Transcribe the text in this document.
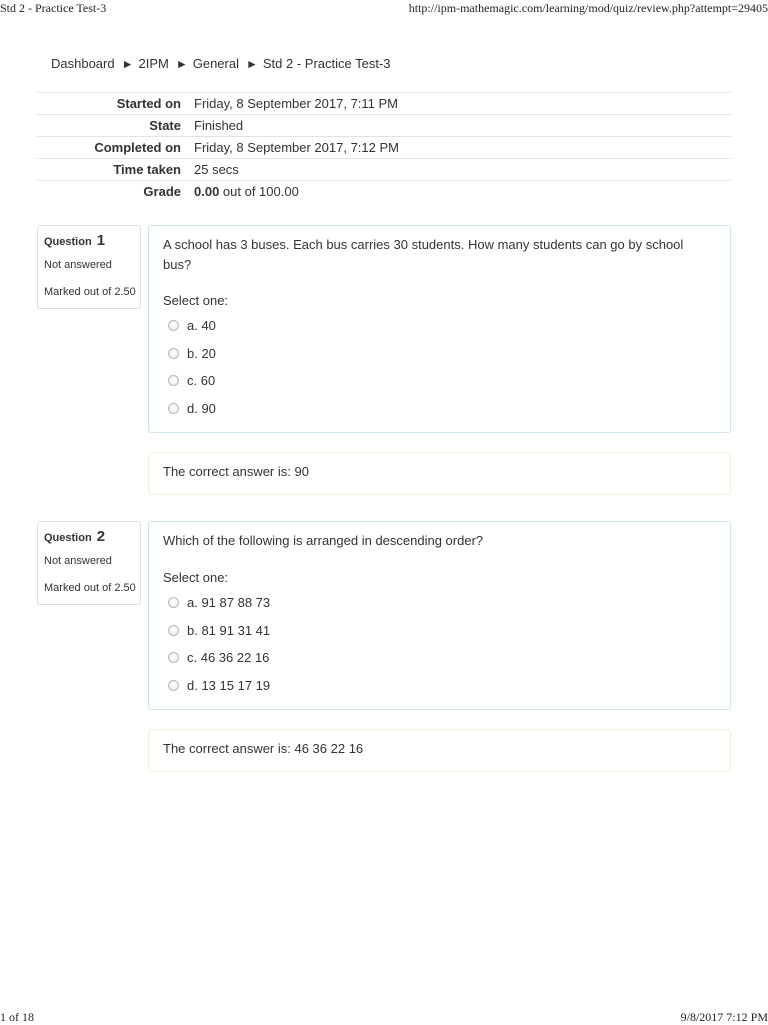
Std 2 - Practice Test-3	http://ipm-mathemagic.com/learning/mod/quiz/review.php?attempt=29405
Dashboard ► 2IPM ► General ► Std 2 - Practice Test-3
Started on	Friday, 8 September 2017, 7:11 PM
State	Finished
Completed on	Friday, 8 September 2017, 7:12 PM
Time taken	25 secs
Grade	0.00 out of 100.00
Question 1
Not answered
Marked out of 2.50
A school has 3 buses. Each bus carries 30 students. How many students can go by school bus?
Select one:
a. 40
b. 20
c. 60
d. 90
The correct answer is: 90
Question 2
Not answered
Marked out of 2.50
Which of the following is arranged in descending order?
Select one:
a. 91 87 88 73
b. 81 91 31 41
c. 46 36 22 16
d. 13 15 17 19
The correct answer is: 46 36 22 16
1 of 18	9/8/2017 7:12 PM
